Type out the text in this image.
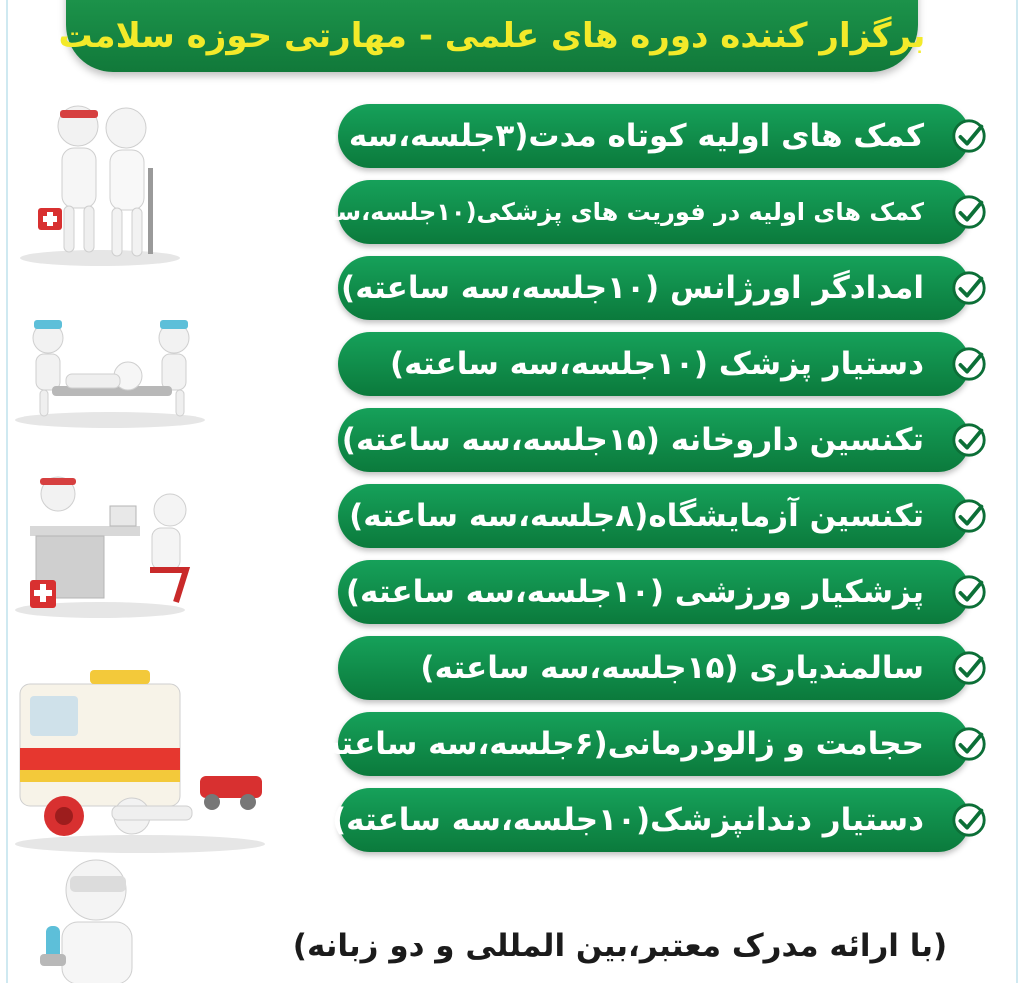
برگزار کننده دوره های علمی - مهارتی حوزه سلامت
کمک های اولیه کوتاه مدت(۳جلسه،سه ساعته)
کمک های اولیه در فوریت های پزشکی(۱۰جلسه،سه ساعته)
امدادگر اورژانس (۱۰جلسه،سه ساعته)
دستیار پزشک (۱۰جلسه،سه ساعته)
تکنسین داروخانه (۱۵جلسه،سه ساعته)
تکنسین آزمایشگاه(۸جلسه،سه ساعته)
پزشکیار ورزشی (۱۰جلسه،سه ساعته)
سالمندیاری (۱۵جلسه،سه ساعته)
حجامت و زالودرمانی(۶جلسه،سه ساعته)
دستیار دندانپزشک(۱۰جلسه،سه ساعته)
(با ارائه مدرک معتبر،بین المللی و دو زبانه)
